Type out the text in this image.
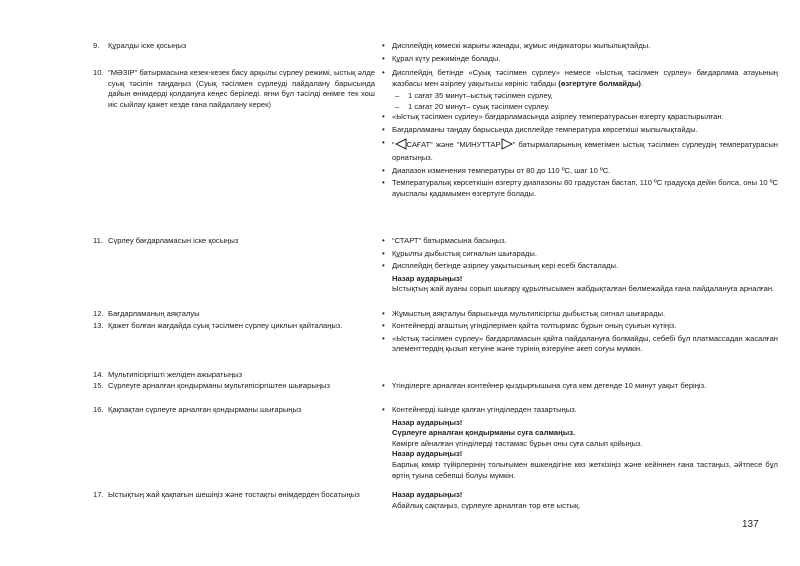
9.	Құралды іске қосыңыз	• Дисплейдің көмескі жарығы жанады, жұмыс индикаторы жыпылықтайды.
• Құрал күту режимінде болады.
10. "МӘЗІР" батырмасына кезек-кезек басу арқылы сүрлеу режимі, ыстық әлде суық тәсілін таңдаңыз (Суық тәсілмен сүрлеуді пайдалану барысында дайын өнімдерді қолдануға кеңес беріледі. яғни бұл тәсілді өнімге тек хош иіс сыйлау қажет кезде ғана пайдалану керек)
• Дисплейдің бетінде «Суық тәсілмен сүрлеу» немесе «Ыстық тәсілмен сүрлеу» бағдарлама атауының жазбасы мен әзірлеу уақытысы көрініс табады (өзгертуге болмайды).
– 1 сағат 35 минут–ыстық тәсілмен сүрлеу,
– 1 сағат 20 минут– суық тәсілмен сүрлеу.
• «Ыстық тәсілмен сүрлеу» бағдарламасында әзірлеу температурасын өзгерту қарастырылған.
• Бағдарламаны таңдау барысында дисплейде температура көрсеткіші жыпылықтайды.
• “ САҒАТ” және “МИНУТТАР ” батырмаларының көмегімен ыстық тәсілмен сүрлеудің температурасын орнатыңыз.
• Диапазон изменения температуры от 80 до 110 ºС, шаг 10 ºС.
• Температуралық көрсеткішін өзгерту диапазоны 80 градустан бастап, 110 ºС градусқа дейін болса, оны 10 ºС ауыспалы қадамымен өзгертуге болады.
11. Сүрлеу бағдарламасын іске қосыңыз	• “СТАРТ” батырмасына басыңыз.
• Құрылғы дыбыстық сигналын шығарады.
• Дисплейдің бетінде әзірлеу уақытысының кері есебі басталады.
Назар аударыңыз!
Ыстықтың жай ауаны сорып шығару құрылғысымен жабдықталған бөлмежайда ғана пайдалануға арналған.
12. Бағдарламаның аяқталуы	• Жұмыстың аяқталуы барысында мультипісіргіш дыбыстық сигнал шығарады.
13. Қажет болған жағдайда суық тәсілмен сүрлеу циклын қайталаңыз.	• Контейнерді ағаштың үгінділерімен қайта толтырмас бұрын оның суығын күтіңіз.
• «Ыстық тәсілмен сүрлеу» бағдарламасын қайта пайдалануға болмайды, себебі бұл платмассадан жасалған элементтердің қызып кетуіне және түрінің өзгеруіне әкеп соғуы мүмкін.
14. Мультипісіргішті желіден ажыратыңыз
15. Сүрлеуге арналған қондырманы мультипісіргіштен шығарыңыз	• Үгінділерге арналған контейнер қыздырғышына суға кем дегенде 10 минут уақыт беріңіз.
16. Қақпақтан сүрлеуге арналған қондырманы шығарыңыз	• Контейнерді ішінде қалған үгінділерден тазартыңыз.
Назар аударыңыз!
Сүрлеуге арналған қондырманы суға салмаңыз.
Көмірге айналған үгінділерді тастамас бұрын оны суға салып қойыңыз.
Назар аударыңыз!
Барлық көмір түйірлерінің толығымен өшкендігіне көз жеткізіңіз және кейіннен ғана тастаңыз, әйтпесе бұл өртің туына себепші болуы мүмкін.
17. Ыстықтың жай қақпағын шешіңіз және тостақты өнімдерден босатыңыз	Назар аударыңыз!
Абайлық сақтаңыз, сүрлеуге арналған тор өте ыстық.
137
